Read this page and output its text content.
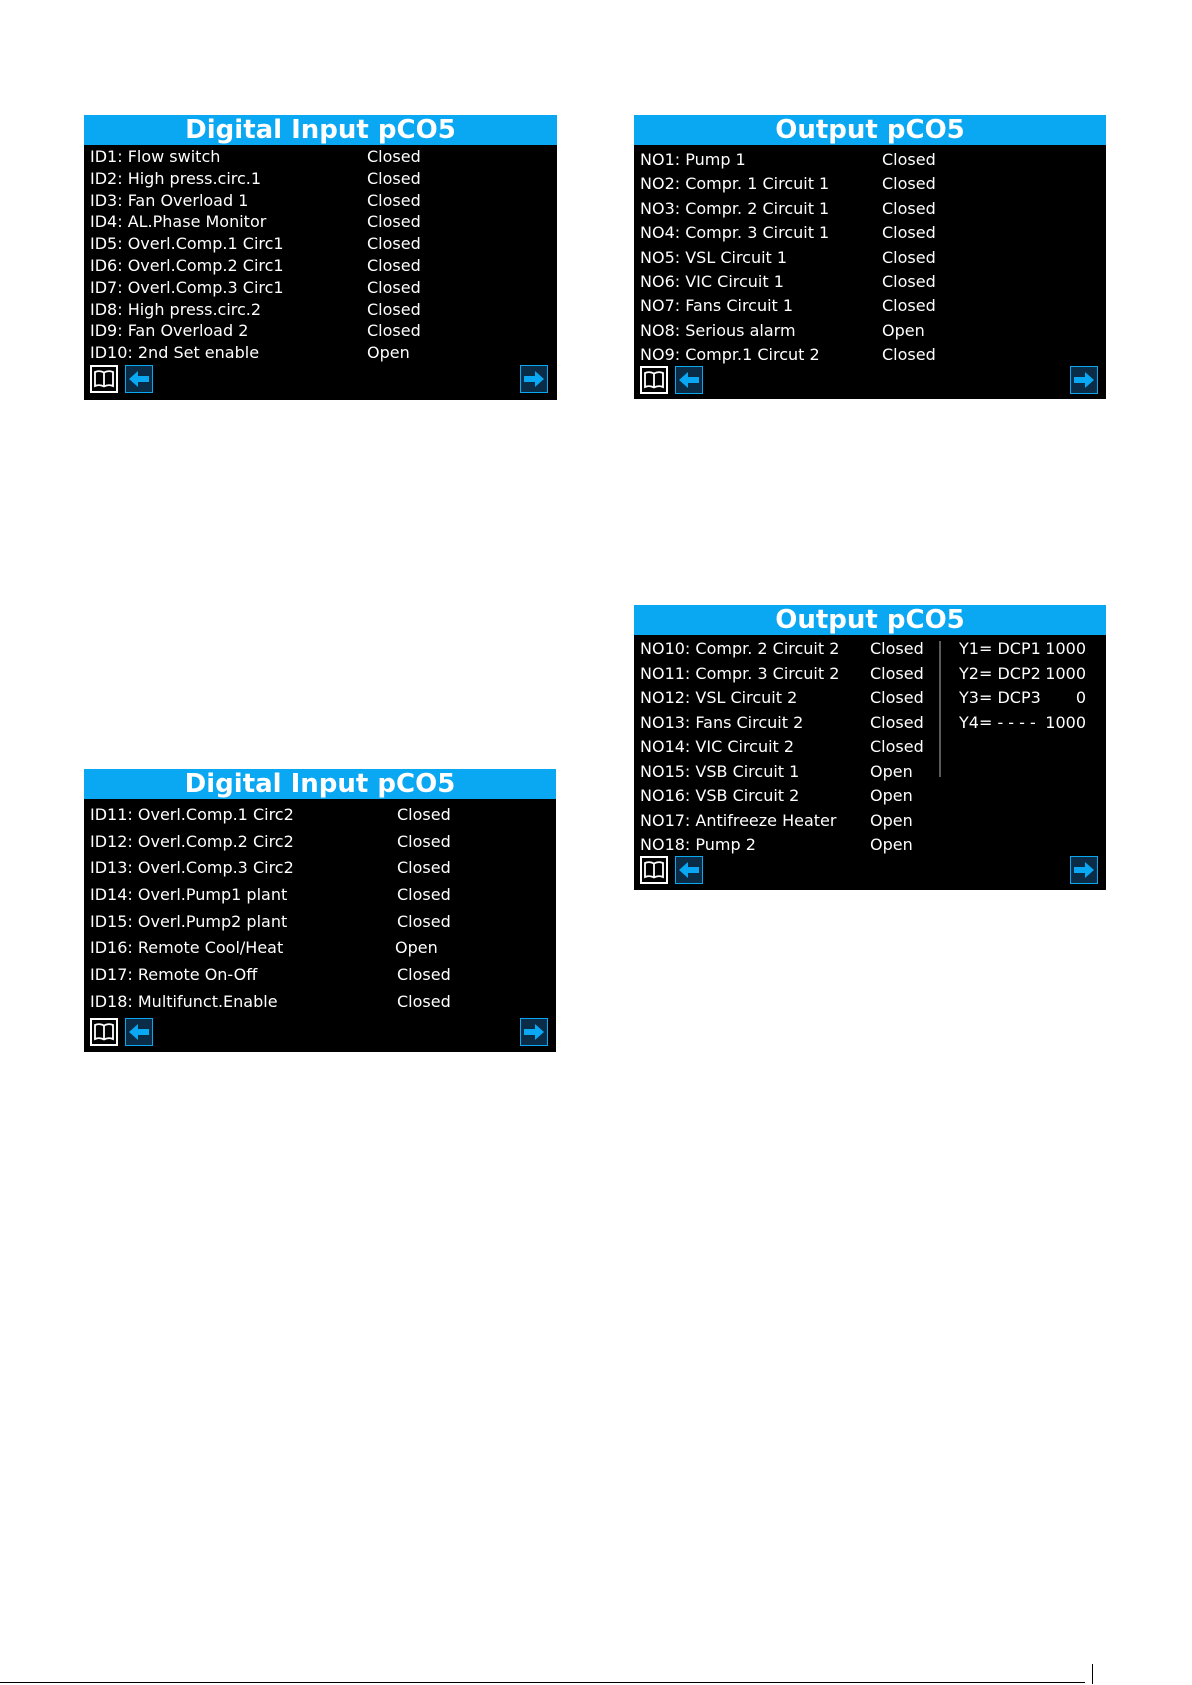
Digital Input pCO5
ID1: Flow switch	Closed
ID2: High press.circ.1	Closed
ID3: Fan Overload 1	Closed
ID4: AL.Phase Monitor	Closed
ID5: Overl.Comp.1 Circ1	Closed
ID6: Overl.Comp.2 Circ1	Closed
ID7: Overl.Comp.3 Circ1	Closed
ID8: High press.circ.2	Closed
ID9: Fan Overload 2	Closed
ID10: 2nd Set enable	Open
Output pCO5
NO1: Pump 1	Closed
NO2: Compr. 1 Circuit 1	Closed
NO3: Compr. 2 Circuit 1	Closed
NO4: Compr. 3 Circuit 1	Closed
NO5: VSL Circuit 1	Closed
NO6: VIC Circuit 1	Closed
NO7: Fans Circuit 1	Closed
NO8: Serious alarm	Open
NO9: Compr.1 Circut 2	Closed
Digital Input pCO5
ID11: Overl.Comp.1 Circ2	Closed
ID12: Overl.Comp.2 Circ2	Closed
ID13: Overl.Comp.3 Circ2	Closed
ID14: Overl.Pump1 plant	Closed
ID15: Overl.Pump2 plant	Closed
ID16: Remote Cool/Heat	Open
ID17: Remote On-Off	Closed
ID18: Multifunct.Enable	Closed
Output pCO5
NO10: Compr. 2 Circuit 2 Closed
NO11: Compr. 3 Circuit 2 Closed
NO12: VSL Circuit 2	Closed
NO13: Fans Circuit 2	Closed
NO14: VIC Circuit 2	Closed
NO15: VSB Circuit 1	Open
NO16: VSB Circuit 2	Open
NO17: Antifreeze Heater Open
NO18: Pump 2	Open
Y1= DCP1 1000
Y2= DCP2 1000
Y3= DCP3 0
Y4= - - - - 1000
